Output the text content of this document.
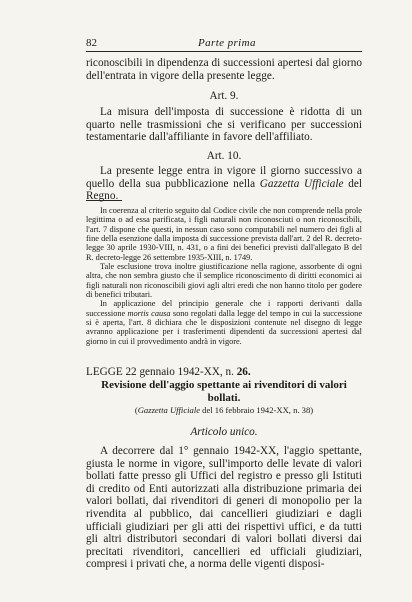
82	Parte prima

riconoscibili in dipendenza di successioni apertesi dal giorno dell'entrata in vigore della presente legge.

Art. 9.

La misura dell'imposta di successione è ridotta di un quarto nelle trasmissioni che si verificano per successioni testamentarie dall'affiliante in favore dell'affiliato.

Art. 10.

La presente legge entra in vigore il giorno successivo a quello della sua pubblicazione nella Gazzetta Ufficiale del Regno.

In coerenza al criterio seguito dal Codice civile che non comprende nella prole legittima o ad essa parificata, i figli naturali non riconosciuti o non riconoscibili, l'art. 7 dispone che questi, in nessun caso sono computabili nel numero dei figli al fine della esenzione dalla imposta di successione prevista dall'art. 2 del R. decreto-legge 30 aprile 1930-VIII, n. 431, o a fini dei benefici previsti dall'allegato B del R. decreto-legge 26 settembre 1935-XIII, n. 1749.

Tale esclusione trova inoltre giustificazione nella ragione, assorbente di ogni altra, che non sembra giusto che il semplice riconoscimento di diritti economici ai figli naturali non riconoscibili giovi agli altri eredi che non hanno titolo per godere di benefici tributari.

In applicazione del principio generale che i rapporti derivanti dalla successione mortis causa sono regolati dalla legge del tempo in cui la successione si è aperta, l'art. 8 dichiara che le disposizioni contenute nel disegno di legge avranno applicazione per i trasferimenti dipendenti da successioni apertesi dal giorno in cui il provvedimento andrà in vigore.

LEGGE 22 gennaio 1942-XX, n. 26.

Revisione dell'aggio spettante ai rivenditori di valori bollati.

(Gazzetta Ufficiale del 16 febbraio 1942-XX, n. 38)

Articolo unico.

A decorrere dal 1° gennaio 1942-XX, l'aggio spettante, giusta le norme in vigore, sull'importo delle levate di valori bollati fatte presso gli Uffici del registro e presso gli Istituti di credito od Enti autorizzati alla distribuzione primaria dei valori bollati, dai rivenditori di generi di monopolio per la rivendita al pubblico, dai cancellieri giudiziari e dagli ufficiali giudiziari per gli atti dei rispettivi uffici, e da tutti gli altri distributori secondari di valori bollati diversi dai precitati rivenditori, cancellieri ed ufficiali giudiziari, compresi i privati che, a norma delle vigenti disposi-
